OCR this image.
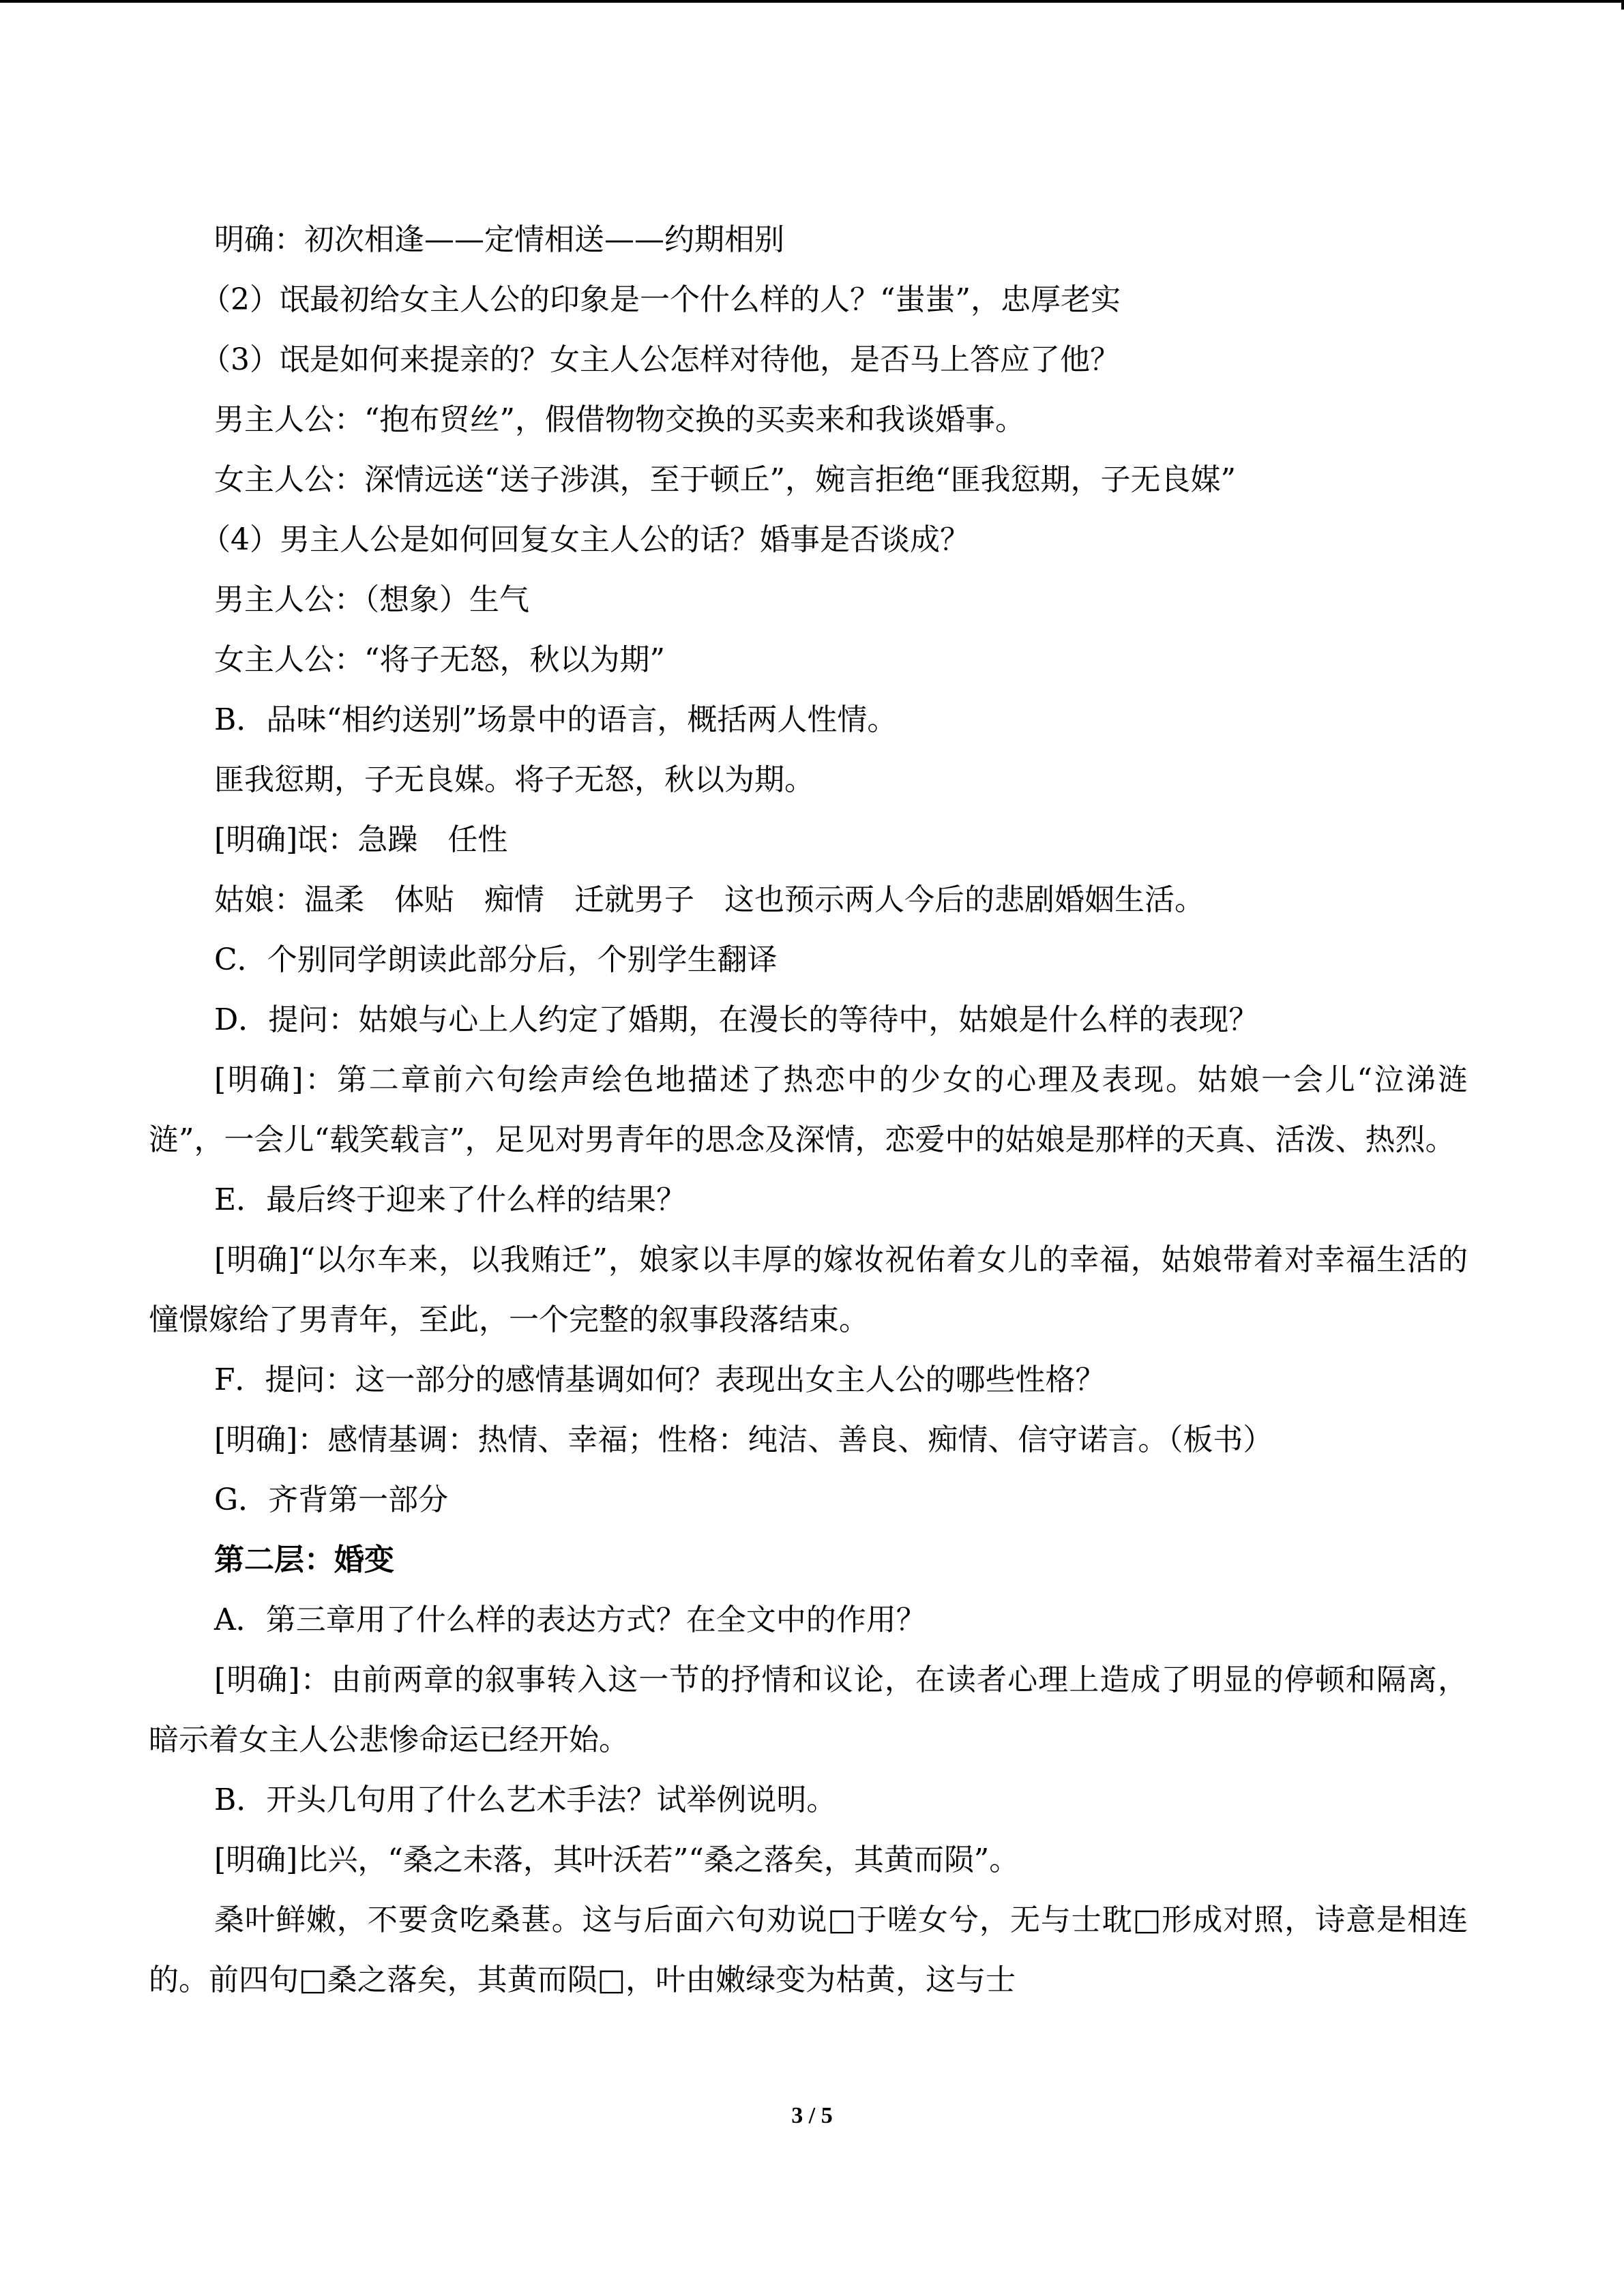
明确：初次相逢——定情相送——约期相别

（2）氓最初给女主人公的印象是一个什么样的人？“蚩蚩”，忠厚老实

（3）氓是如何来提亲的？女主人公怎样对待他，是否马上答应了他？

男主人公：“抱布贸丝”，假借物物交换的买卖来和我谈婚事。

女主人公：深情远送“送子涉淇，至于顿丘”，婉言拒绝“匪我愆期，子无良媒”

（4）男主人公是如何回复女主人公的话？婚事是否谈成？

男主人公：（想象）生气

女主人公：“将子无怒，秋以为期”

B．品味“相约送别”场景中的语言，概括两人性情。

匪我愆期，子无良媒。将子无怒，秋以为期。

[明确]氓：急躁　任性

姑娘：温柔　体贴　痴情　迁就男子　这也预示两人今后的悲剧婚姻生活。

C．个别同学朗读此部分后，个别学生翻译

D．提问：姑娘与心上人约定了婚期，在漫长的等待中，姑娘是什么样的表现？

[明确]：第二章前六句绘声绘色地描述了热恋中的少女的心理及表现。姑娘一会儿“泣涕涟涟”，一会儿“载笑载言”，足见对男青年的思念及深情，恋爱中的姑娘是那样的天真、活泼、热烈。

E．最后终于迎来了什么样的结果？

[明确]“以尔车来，以我贿迁”，娘家以丰厚的嫁妆祝佑着女儿的幸福，姑娘带着对幸福生活的憧憬嫁给了男青年，至此，一个完整的叙事段落结束。

F．提问：这一部分的感情基调如何？表现出女主人公的哪些性格？

[明确]：感情基调：热情、幸福；性格：纯洁、善良、痴情、信守诺言。（板书）

G．齐背第一部分

第二层：婚变

A．第三章用了什么样的表达方式？在全文中的作用？

[明确]：由前两章的叙事转入这一节的抒情和议论，在读者心理上造成了明显的停顿和隔离，暗示着女主人公悲惨命运已经开始。

B．开头几句用了什么艺术手法？试举例说明。

[明确]比兴，“桑之未落，其叶沃若”“桑之落矣，其黄而陨”。

桑叶鲜嫩，不要贪吃桑葚。这与后面六句劝说□于嗟女兮，无与士耽□形成对照，诗意是相连的。前四句□桑之落矣，其黄而陨□，叶由嫩绿变为枯黄，这与士

3 / 5
